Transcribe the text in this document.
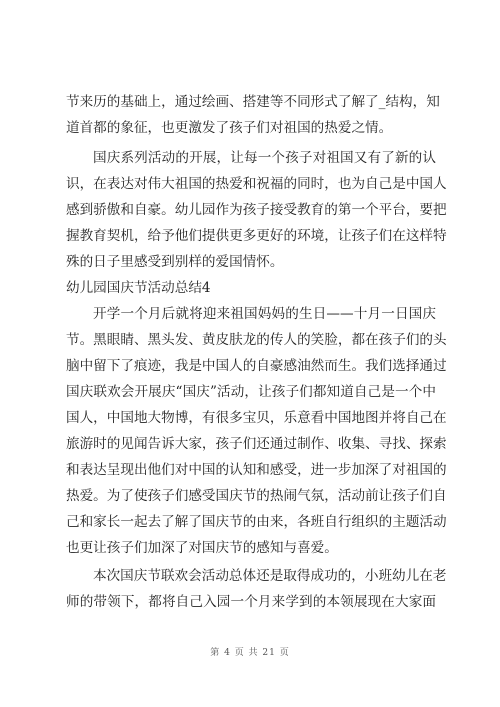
节来历的基础上，通过绘画、搭建等不同形式了解了_结构，知
道首都的象征，也更激发了孩子们对祖国的热爱之情。
国庆系列活动的开展，让每一个孩子对祖国又有了新的认
识，在表达对伟大祖国的热爱和祝福的同时，也为自己是中国人
感到骄傲和自豪。幼儿园作为孩子接受教育的第一个平台，要把
握教育契机，给予他们提供更多更好的环境，让孩子们在这样特
殊的日子里感受到别样的爱国情怀。
幼儿园国庆节活动总结4
开学一个月后就将迎来祖国妈妈的生日——十月一日国庆
节。黑眼睛、黑头发、黄皮肤龙的传人的笑脸，都在孩子们的头
脑中留下了痕迹，我是中国人的自豪感油然而生。我们选择通过
国庆联欢会开展庆“国庆”活动，让孩子们都知道自己是一个中
国人，中国地大物博，有很多宝贝，乐意看中国地图并将自己在
旅游时的见闻告诉大家，孩子们还通过制作、收集、寻找、探索
和表达呈现出他们对中国的认知和感受，进一步加深了对祖国的
热爱。为了使孩子们感受国庆节的热闹气氛，活动前让孩子们自
己和家长一起去了解了国庆节的由来，各班自行组织的主题活动
也更让孩子们加深了对国庆节的感知与喜爱。
本次国庆节联欢会活动总体还是取得成功的，小班幼儿在老
师的带领下，都将自己入园一个月来学到的本领展现在大家面
第 4 页 共 21 页
